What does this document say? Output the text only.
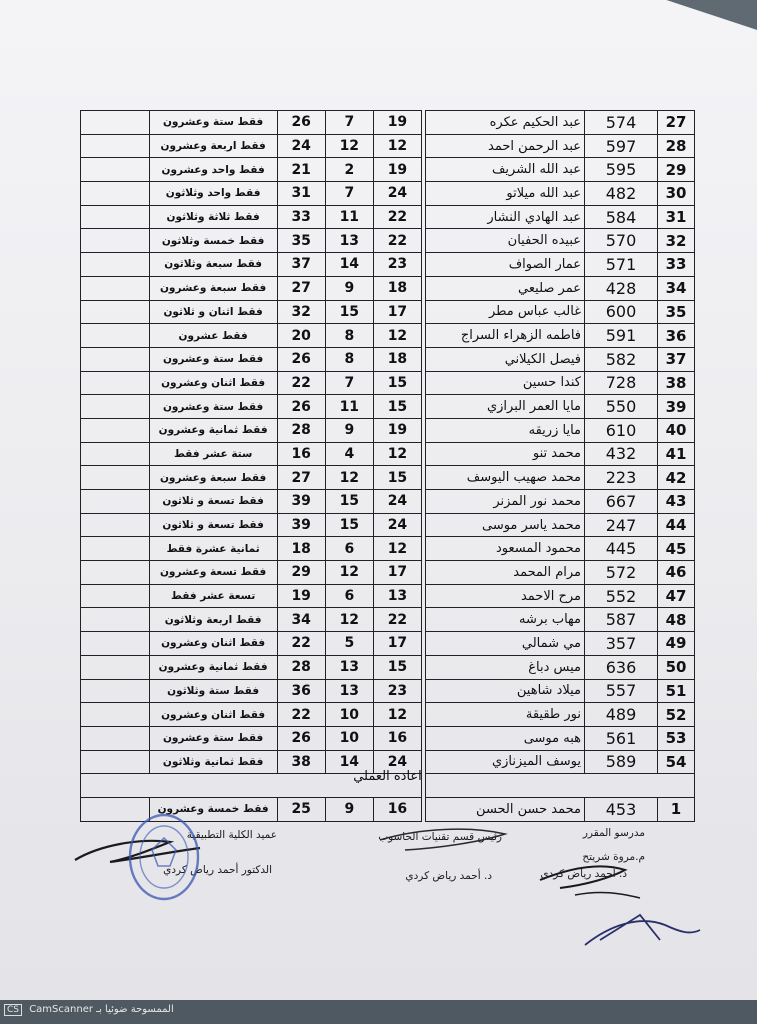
27	574	عبد الحكيم عكره
28	597	عبد الرحمن احمد
29	595	عبد الله الشريف
30	482	عبد الله ميلاتو
31	584	عبد الهادي النشار
32	570	عبيده الحفيان
33	571	عمار الصواف
34	428	عمر صليعي
35	600	غالب عباس مطر
36	591	فاطمه الزهراء السراج
37	582	فيصل الكيلاني
38	728	كندا حسين
39	550	مايا العمر البرازي
40	610	مايا زريقه
41	432	محمد تنو
42	223	محمد صهيب اليوسف
43	667	محمد نور المزنر
44	247	محمد ياسر موسى
45	445	محمود المسعود
46	572	مرام المحمد
47	552	مرح الاحمد
48	587	مهاب برشه
49	357	مي شمالي
50	636	ميس دباغ
51	557	ميلاد شاهين
52	489	نور طقيقة
53	561	هبه موسى
54	589	يوسف الميزنازي

1	453	محمد حسن الحسن
19	7	26	فقط ستة وعشرون	
12	12	24	فقط اربعة وعشرون	
19	2	21	فقط واحد وعشرون	
24	7	31	فقط واحد وثلاثون	
22	11	33	فقط ثلاثة وثلاثون	
22	13	35	فقط خمسة وثلاثون	
23	14	37	فقط سبعة وثلاثون	
18	9	27	فقط سبعة وعشرون	
17	15	32	فقط اثنان و ثلاثون	
12	8	20	فقط عشرون	
18	8	26	فقط ستة وعشرون	
15	7	22	فقط اثنان وعشرون	
15	11	26	فقط ستة وعشرون	
19	9	28	فقط ثمانية وعشرون	
12	4	16	ستة عشر فقط	
15	12	27	فقط سبعة وعشرون	
24	15	39	فقط تسعة و ثلاثون	
24	15	39	فقط تسعة و ثلاثون	
12	6	18	ثمانية عشرة فقط	
17	12	29	فقط تسعة وعشرون	
13	6	19	تسعة عشر فقط	
22	12	34	فقط اربعة وثلاثون	
17	5	22	فقط اثنان وعشرون	
15	13	28	فقط ثمانية وعشرون	
23	13	36	فقط ستة وثلاثون	
12	10	22	فقط اثنان وعشرون	
16	10	26	فقط ستة وعشرون	
24	14	38	فقط ثمانية وثلاثون	

16	9	25	فقط خمسة وعشرون	
اعادة العملي
مدرسو المقرر
م.مروة شريتح
د. أحمد رياض كردي
رئيس قسم تقنيات الحاسوب
د. أحمد رياض كردي
عميد الكلية التطبيقية
الدكتور أحمد رياض كردي
CS CamScanner الممسوحة ضوئيا بـ
